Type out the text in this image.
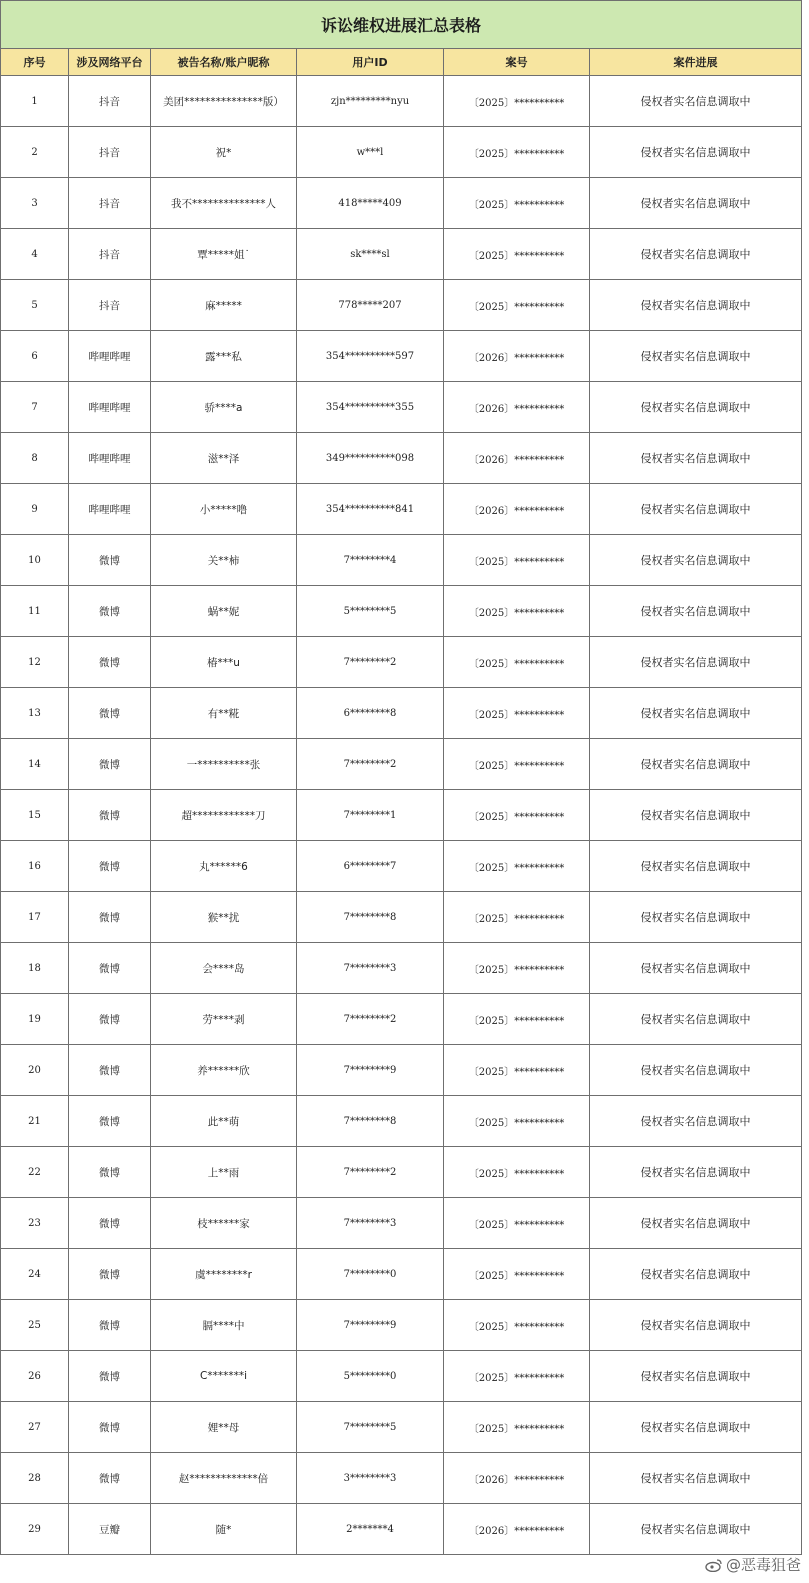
诉讼维权进展汇总表格					
序号	涉及网络平台	被告名称/账户昵称	用户ID	案号	案件进展
1	抖音	美团***************版）	zjn*********nyu	〔2025〕**********	侵权者实名信息调取中
2	抖音	祝*	w***l	〔2025〕**********	侵权者实名信息调取中
3	抖音	我不**************人	418*****409	〔2025〕**********	侵权者实名信息调取中
4	抖音	覃*****姐˙	sk****sl	〔2025〕**********	侵权者实名信息调取中
5	抖音	麻*****	778*****207	〔2025〕**********	侵权者实名信息调取中
6	哔哩哔哩	露***私	354**********597	〔2026〕**********	侵权者实名信息调取中
7	哔哩哔哩	骄****a	354**********355	〔2026〕**********	侵权者实名信息调取中
8	哔哩哔哩	滋**泽	349**********098	〔2026〕**********	侵权者实名信息调取中
9	哔哩哔哩	小*****噜	354**********841	〔2026〕**********	侵权者实名信息调取中
10	微博	关**柿	7********4	〔2025〕**********	侵权者实名信息调取中
11	微博	蜗**妮	5********5	〔2025〕**********	侵权者实名信息调取中
12	微博	椿***u	7********2	〔2025〕**********	侵权者实名信息调取中
13	微博	有**糀	6********8	〔2025〕**********	侵权者实名信息调取中
14	微博	一**********张	7********2	〔2025〕**********	侵权者实名信息调取中
15	微博	超************刀	7********1	〔2025〕**********	侵权者实名信息调取中
16	微博	丸******6	6********7	〔2025〕**********	侵权者实名信息调取中
17	微博	猴**扰	7********8	〔2025〕**********	侵权者实名信息调取中
18	微博	会****岛	7********3	〔2025〕**********	侵权者实名信息调取中
19	微博	劳****剥	7********2	〔2025〕**********	侵权者实名信息调取中
20	微博	养******欣	7********9	〔2025〕**********	侵权者实名信息调取中
21	微博	此**萌	7********8	〔2025〕**********	侵权者实名信息调取中
22	微博	上**雨	7********2	〔2025〕**********	侵权者实名信息调取中
23	微博	枝******家	7********3	〔2025〕**********	侵权者实名信息调取中
24	微博	虞********r	7********0	〔2025〕**********	侵权者实名信息调取中
25	微博	膈****中	7********9	〔2025〕**********	侵权者实名信息调取中
26	微博	C*******i	5********0	〔2025〕**********	侵权者实名信息调取中
27	微博	娌**母	7********5	〔2025〕**********	侵权者实名信息调取中
28	微博	赵*************倍	3********3	〔2026〕**********	侵权者实名信息调取中
29	豆瓣	随*	2*******4	〔2026〕**********	侵权者实名信息调取中
@恶毒狙爸
